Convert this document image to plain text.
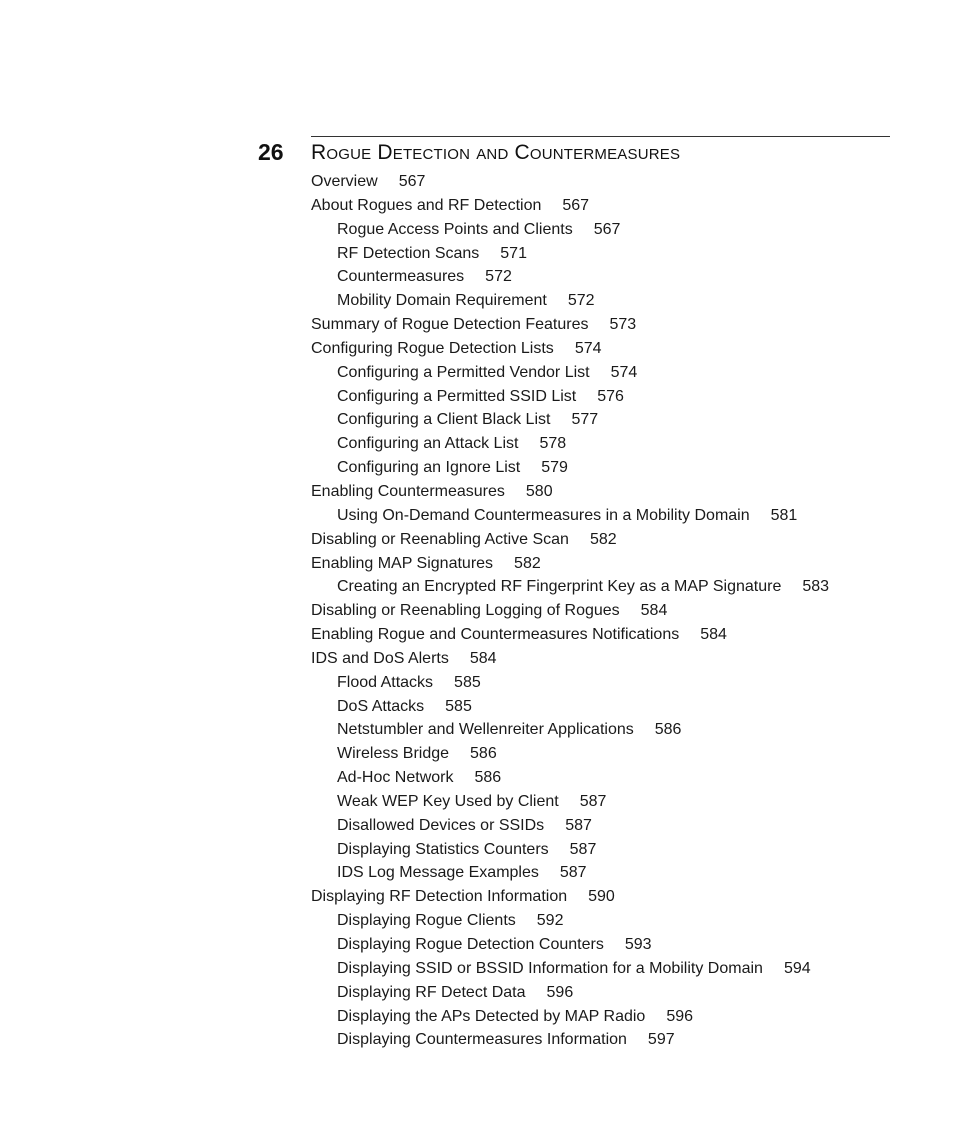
26 Rogue Detection and Countermeasures
Overview 567
About Rogues and RF Detection 567
Rogue Access Points and Clients 567
RF Detection Scans 571
Countermeasures 572
Mobility Domain Requirement 572
Summary of Rogue Detection Features 573
Configuring Rogue Detection Lists 574
Configuring a Permitted Vendor List 574
Configuring a Permitted SSID List 576
Configuring a Client Black List 577
Configuring an Attack List 578
Configuring an Ignore List 579
Enabling Countermeasures 580
Using On-Demand Countermeasures in a Mobility Domain 581
Disabling or Reenabling Active Scan 582
Enabling MAP Signatures 582
Creating an Encrypted RF Fingerprint Key as a MAP Signature 583
Disabling or Reenabling Logging of Rogues 584
Enabling Rogue and Countermeasures Notifications 584
IDS and DoS Alerts 584
Flood Attacks 585
DoS Attacks 585
Netstumbler and Wellenreiter Applications 586
Wireless Bridge 586
Ad-Hoc Network 586
Weak WEP Key Used by Client 587
Disallowed Devices or SSIDs 587
Displaying Statistics Counters 587
IDS Log Message Examples 587
Displaying RF Detection Information 590
Displaying Rogue Clients 592
Displaying Rogue Detection Counters 593
Displaying SSID or BSSID Information for a Mobility Domain 594
Displaying RF Detect Data 596
Displaying the APs Detected by MAP Radio 596
Displaying Countermeasures Information 597
